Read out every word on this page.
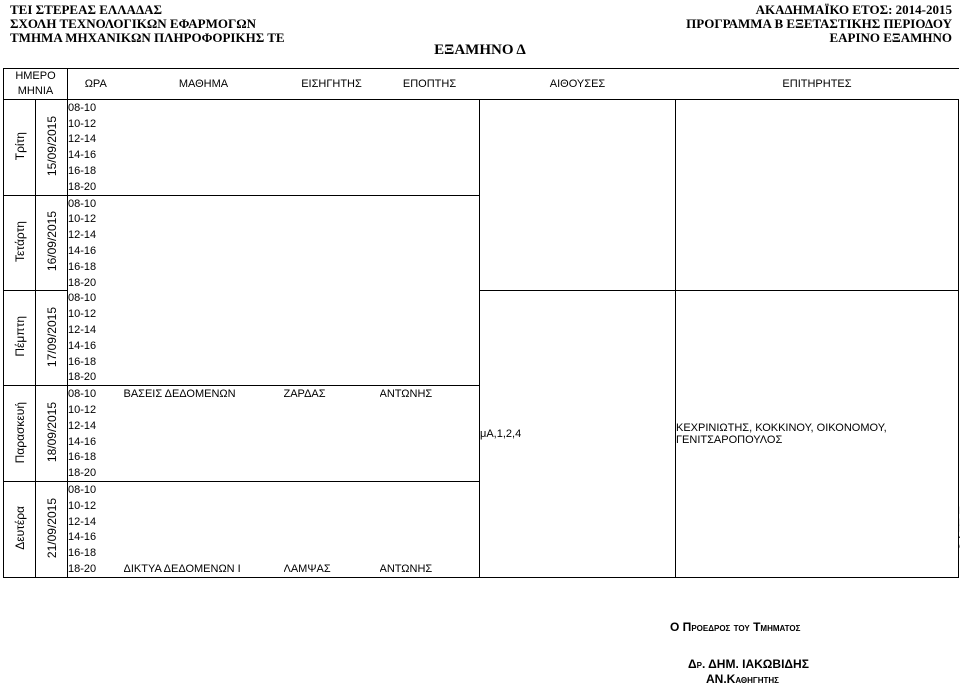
ΤΕΙ ΣΤΕΡΕΑΣ ΕΛΛΑΔΑΣ
ΣΧΟΛΗ ΤΕΧΝΟΛΟΓΙΚΩΝ ΕΦΑΡΜΟΓΩΝ
ΤΜΗΜΑ ΜΗΧΑΝΙΚΩΝ ΠΛΗΡΟΦΟΡΙΚΗΣ ΤΕ
ΑΚΑΔΗΜΑΪΚΟ ΕΤΟΣ: 2014-2015
ΠΡΟΓΡΑΜΜΑ Β ΕΞΕΤΑΣΤΙΚΗΣ ΠΕΡΙΟΔΟΥ
ΕΑΡΙΝΟ ΕΞΑΜΗΝΟ
ΕΞΑΜΗΝΟ Δ
ΗΜΕΡΟ ΜΗΝΙΑ		ΩΡΑ	ΜΑΘΗΜΑ	ΕΙΣΗΓΗΤΗΣ	ΕΠΟΠΤΗΣ	ΑΙΘΟΥΣΕΣ	ΕΠΙΤΗΡΗΤΕΣ	
Τρίτη	15/09/2015	08-10						
		10-12						
		12-14						
		14-16						
		16-18						
		18-20						
Τετάρτη	16/09/2015	08-10						
		10-12						
		12-14						
		14-16						
		16-18						
		18-20						
Πέμπτη	17/09/2015	08-10				μΑ,1,2,4	ΚΕΧΡΙΝΙΩΤΗΣ, ΚΟΚΚΙΝΟΥ, ΟΙΚΟΝΟΜΟΥ,
ΓΕΝΙΤΣΑΡΟΠΟΥΛΟΣ	

		10-12						
		12-14						
		14-16						
		16-18						
		18-20						
Παρασκευή	18/09/2015	08-10	ΒΑΣΕΙΣ ΔΕΔΟΜΕΝΩΝ	ΖΑΡΔΑΣ	ΑΝΤΩΝΗΣ			
		10-12						
		12-14						
		14-16						
		16-18						
		18-20						
Δευτέρα	21/09/2015	08-10					
		10-12						
		12-14						
		14-16						
		16-18						
		18-20	ΔΙΚΤΥΑ ΔΕΔΟΜΕΝΩΝ Ι	ΛΑΜΨΑΣ	ΑΝΤΩΝΗΣ			
Ο Προεδρος του Τμηματος
Δρ. ΔΗΜ. ΙΑΚΩΒΙΔΗΣ
ΑΝ.Καθηγητης
